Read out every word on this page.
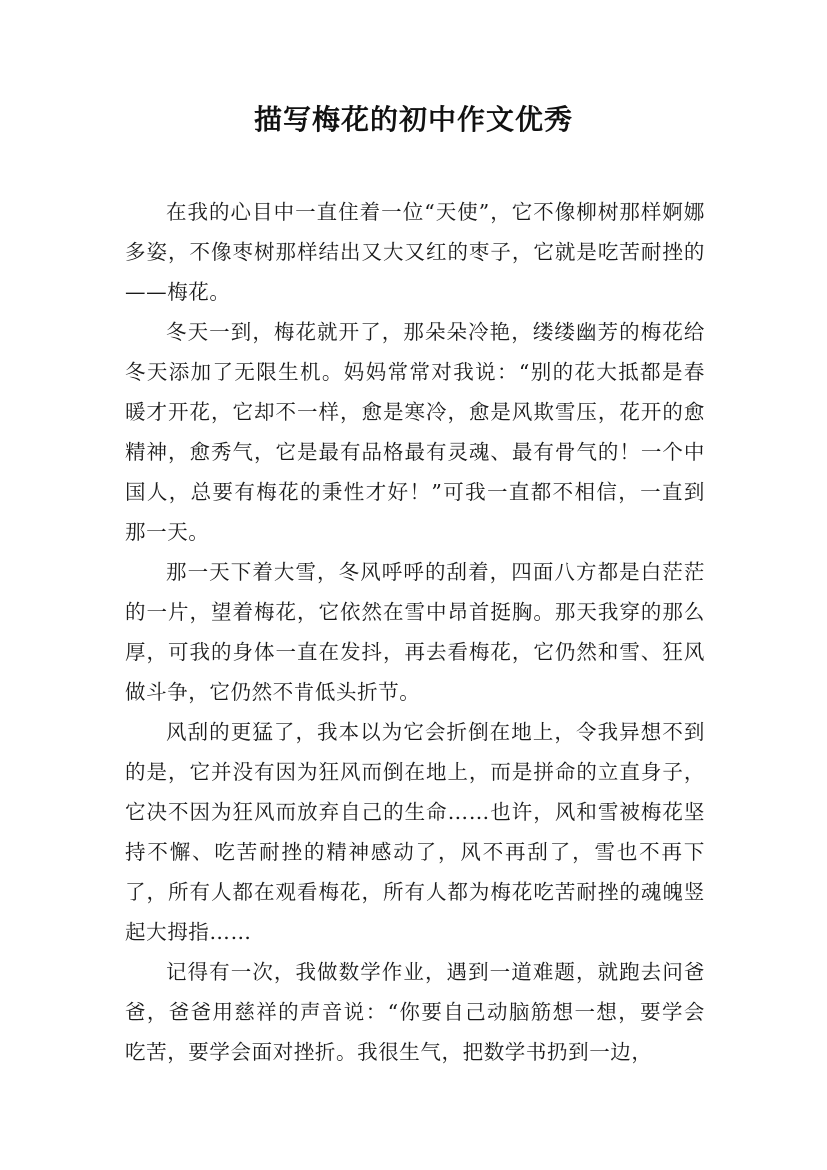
描写梅花的初中作文优秀

在我的心目中一直住着一位“天使”，它不像柳树那样婀娜多姿，不像枣树那样结出又大又红的枣子，它就是吃苦耐挫的——梅花。

冬天一到，梅花就开了，那朵朵冷艳，缕缕幽芳的梅花给冬天添加了无限生机。妈妈常常对我说：“别的花大抵都是春暖才开花，它却不一样，愈是寒冷，愈是风欺雪压，花开的愈精神，愈秀气，它是最有品格最有灵魂、最有骨气的！一个中国人，总要有梅花的秉性才好！”可我一直都不相信，一直到那一天。

那一天下着大雪，冬风呼呼的刮着，四面八方都是白茫茫的一片，望着梅花，它依然在雪中昂首挺胸。那天我穿的那么厚，可我的身体一直在发抖，再去看梅花，它仍然和雪、狂风做斗争，它仍然不肯低头折节。

风刮的更猛了，我本以为它会折倒在地上，令我异想不到的是，它并没有因为狂风而倒在地上，而是拼命的立直身子，它决不因为狂风而放弃自己的生命……也许，风和雪被梅花坚持不懈、吃苦耐挫的精神感动了，风不再刮了，雪也不再下了，所有人都在观看梅花，所有人都为梅花吃苦耐挫的魂魄竖起大拇指……

记得有一次，我做数学作业，遇到一道难题，就跑去问爸爸，爸爸用慈祥的声音说：“你要自己动脑筋想一想，要学会吃苦，要学会面对挫折。我很生气，把数学书扔到一边，
